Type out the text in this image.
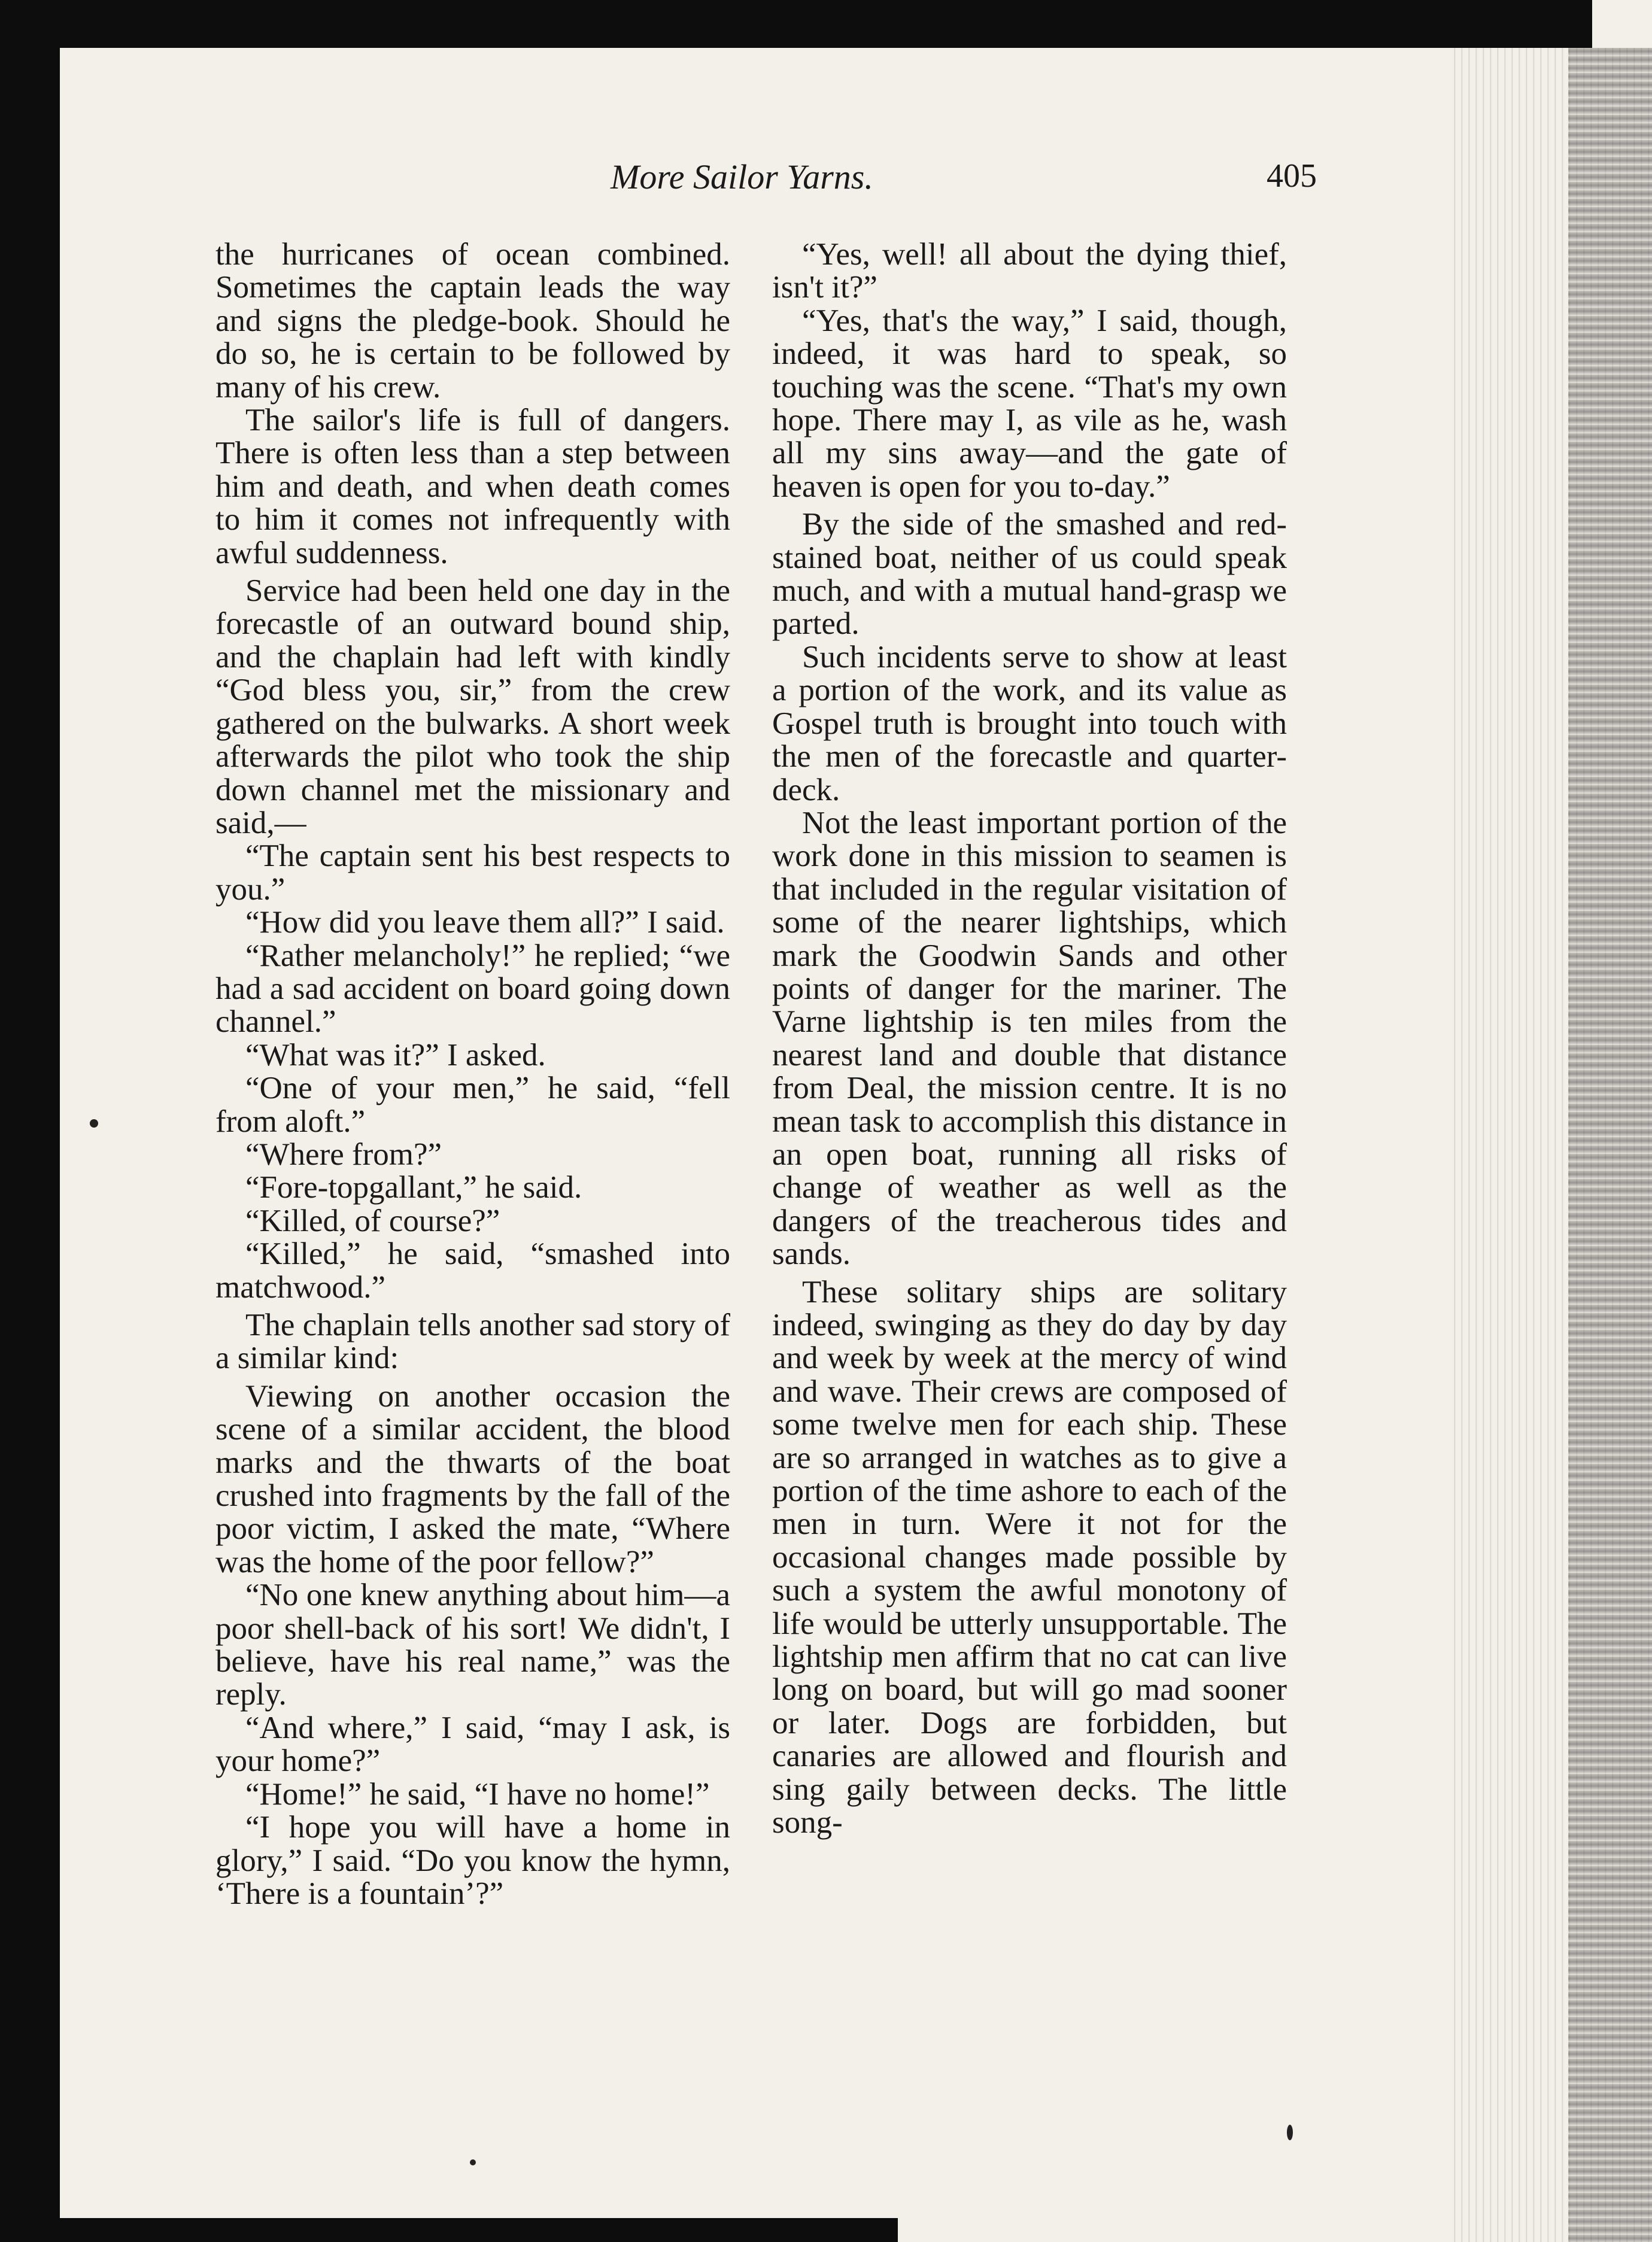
More Sailor Yarns.	405

the hurricanes of ocean combined. Sometimes the captain leads the way and signs the pledge-book. Should he do so, he is certain to be followed by many of his crew.

The sailor's life is full of dangers. There is often less than a step between him and death, and when death comes to him it comes not infrequently with awful suddenness.

Service had been held one day in the forecastle of an outward bound ship, and the chaplain had left with kindly “God bless you, sir,” from the crew gathered on the bulwarks. A short week afterwards the pilot who took the ship down channel met the missionary and said,—

“The captain sent his best respects to you.”

“How did you leave them all?” I said.

“Rather melancholy!” he replied; “we had a sad accident on board going down channel.”

“What was it?” I asked.

“One of your men,” he said, “fell from aloft.”

“Where from?”

“Fore-topgallant,” he said.

“Killed, of course?”

“Killed,” he said, “smashed into matchwood.”

The chaplain tells another sad story of a similar kind:

Viewing on another occasion the scene of a similar accident, the blood marks and the thwarts of the boat crushed into fragments by the fall of the poor victim, I asked the mate, “Where was the home of the poor fellow?”

“No one knew anything about him—a poor shell-back of his sort! We didn't, I believe, have his real name,” was the reply.

“And where,” I said, “may I ask, is your home?”

“Home!” he said, “I have no home!”

“I hope you will have a home in glory,” I said. “Do you know the hymn, ‘There is a fountain’?”

“Yes, well! all about the dying thief, isn't it?”

“Yes, that's the way,” I said, though, indeed, it was hard to speak, so touching was the scene. “That's my own hope. There may I, as vile as he, wash all my sins away—and the gate of heaven is open for you to-day.”

By the side of the smashed and red-stained boat, neither of us could speak much, and with a mutual hand-grasp we parted.

Such incidents serve to show at least a portion of the work, and its value as Gospel truth is brought into touch with the men of the forecastle and quarter-deck.

Not the least important portion of the work done in this mission to seamen is that included in the regular visitation of some of the nearer lightships, which mark the Goodwin Sands and other points of danger for the mariner. The Varne lightship is ten miles from the nearest land and double that distance from Deal, the mission centre. It is no mean task to accomplish this distance in an open boat, running all risks of change of weather as well as the dangers of the treacherous tides and sands.

These solitary ships are solitary indeed, swinging as they do day by day and week by week at the mercy of wind and wave. Their crews are composed of some twelve men for each ship. These are so arranged in watches as to give a portion of the time ashore to each of the men in turn. Were it not for the occasional changes made possible by such a system the awful monotony of life would be utterly unsupportable. The lightship men affirm that no cat can live long on board, but will go mad sooner or later. Dogs are forbidden, but canaries are allowed and flourish and sing gaily between decks. The little song-
